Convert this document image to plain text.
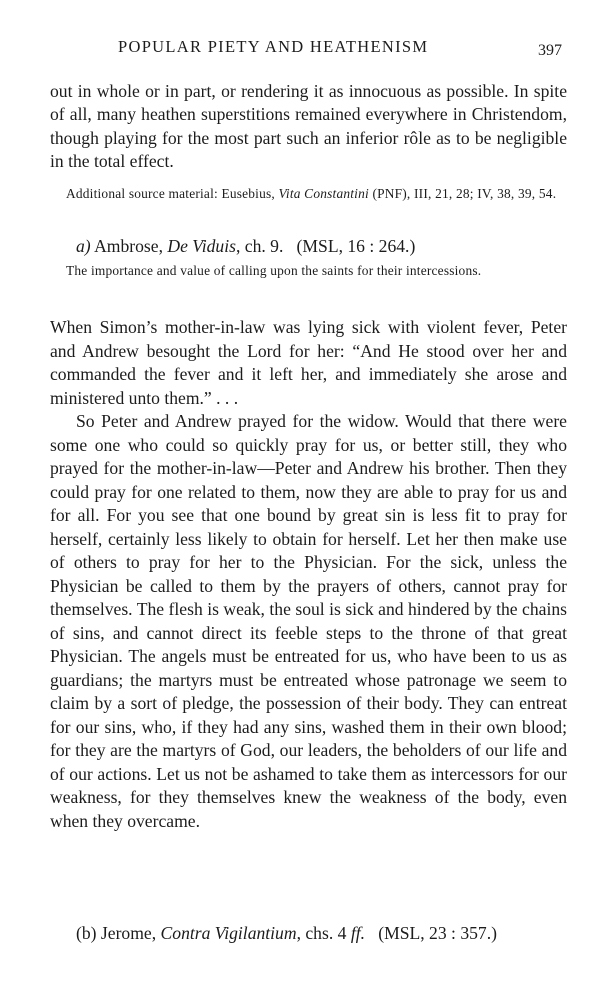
POPULAR PIETY AND HEATHENISM	397

out in whole or in part, or rendering it as innocuous as possible. In spite of all, many heathen superstitions remained everywhere in Christendom, though playing for the most part such an inferior rôle as to be negligible in the total effect.

Additional source material: Eusebius, Vita Constantini (PNF), III, 21, 28; IV, 38, 39, 54.

a) Ambrose, De Viduis, ch. 9.   (MSL, 16 : 264.)

The importance and value of calling upon the saints for their intercessions.

When Simon’s mother-in-law was lying sick with violent fever, Peter and Andrew besought the Lord for her: “And He stood over her and commanded the fever and it left her, and immediately she arose and ministered unto them.” . . .

So Peter and Andrew prayed for the widow. Would that there were some one who could so quickly pray for us, or better still, they who prayed for the mother-in-law—Peter and Andrew his brother. Then they could pray for one related to them, now they are able to pray for us and for all. For you see that one bound by great sin is less fit to pray for herself, certainly less likely to obtain for herself. Let her then make use of others to pray for her to the Physician. For the sick, unless the Physician be called to them by the prayers of others, cannot pray for themselves. The flesh is weak, the soul is sick and hindered by the chains of sins, and cannot direct its feeble steps to the throne of that great Physician. The angels must be entreated for us, who have been to us as guardians; the martyrs must be entreated whose patronage we seem to claim by a sort of pledge, the possession of their body. They can entreat for our sins, who, if they had any sins, washed them in their own blood; for they are the martyrs of God, our leaders, the beholders of our life and of our actions. Let us not be ashamed to take them as intercessors for our weakness, for they themselves knew the weakness of the body, even when they overcame.

(b) Jerome, Contra Vigilantium, chs. 4 ff.   (MSL, 23 : 357.)
